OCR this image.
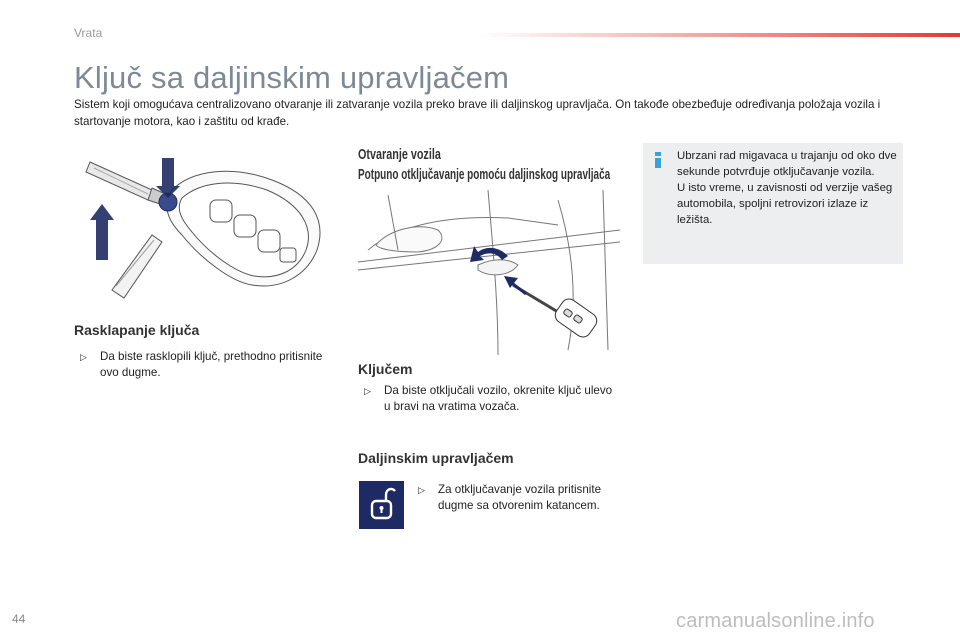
Vrata
Ključ sa daljinskim upravljačem
Sistem koji omogućava centralizovano otvaranje ili zatvaranje vozila preko brave ili daljinskog upravljača. On takođe obezbeđuje određivanja položaja vozila i startovanje motora, kao i zaštitu od krađe.
Rasklapanje ključa
▷	Da biste rasklopili ključ, prethodno pritisnite ovo dugme.
Otvaranje vozila
Potpuno otključavanje pomoću daljinskog upravljača
Ključem
▷	Da biste otključali vozilo, okrenite ključ ulevo u bravi na vratima vozača.
Daljinskim upravljačem
▷	Za otključavanje vozila pritisnite dugme sa otvorenim katancem.
Ubrzani rad migavaca u trajanju od oko dve sekunde potvrđuje otključavanje vozila.
U isto vreme, u zavisnosti od verzije vašeg automobila, spoljni retrovizori izlaze iz ležišta.
44	carmanualsonline.info
